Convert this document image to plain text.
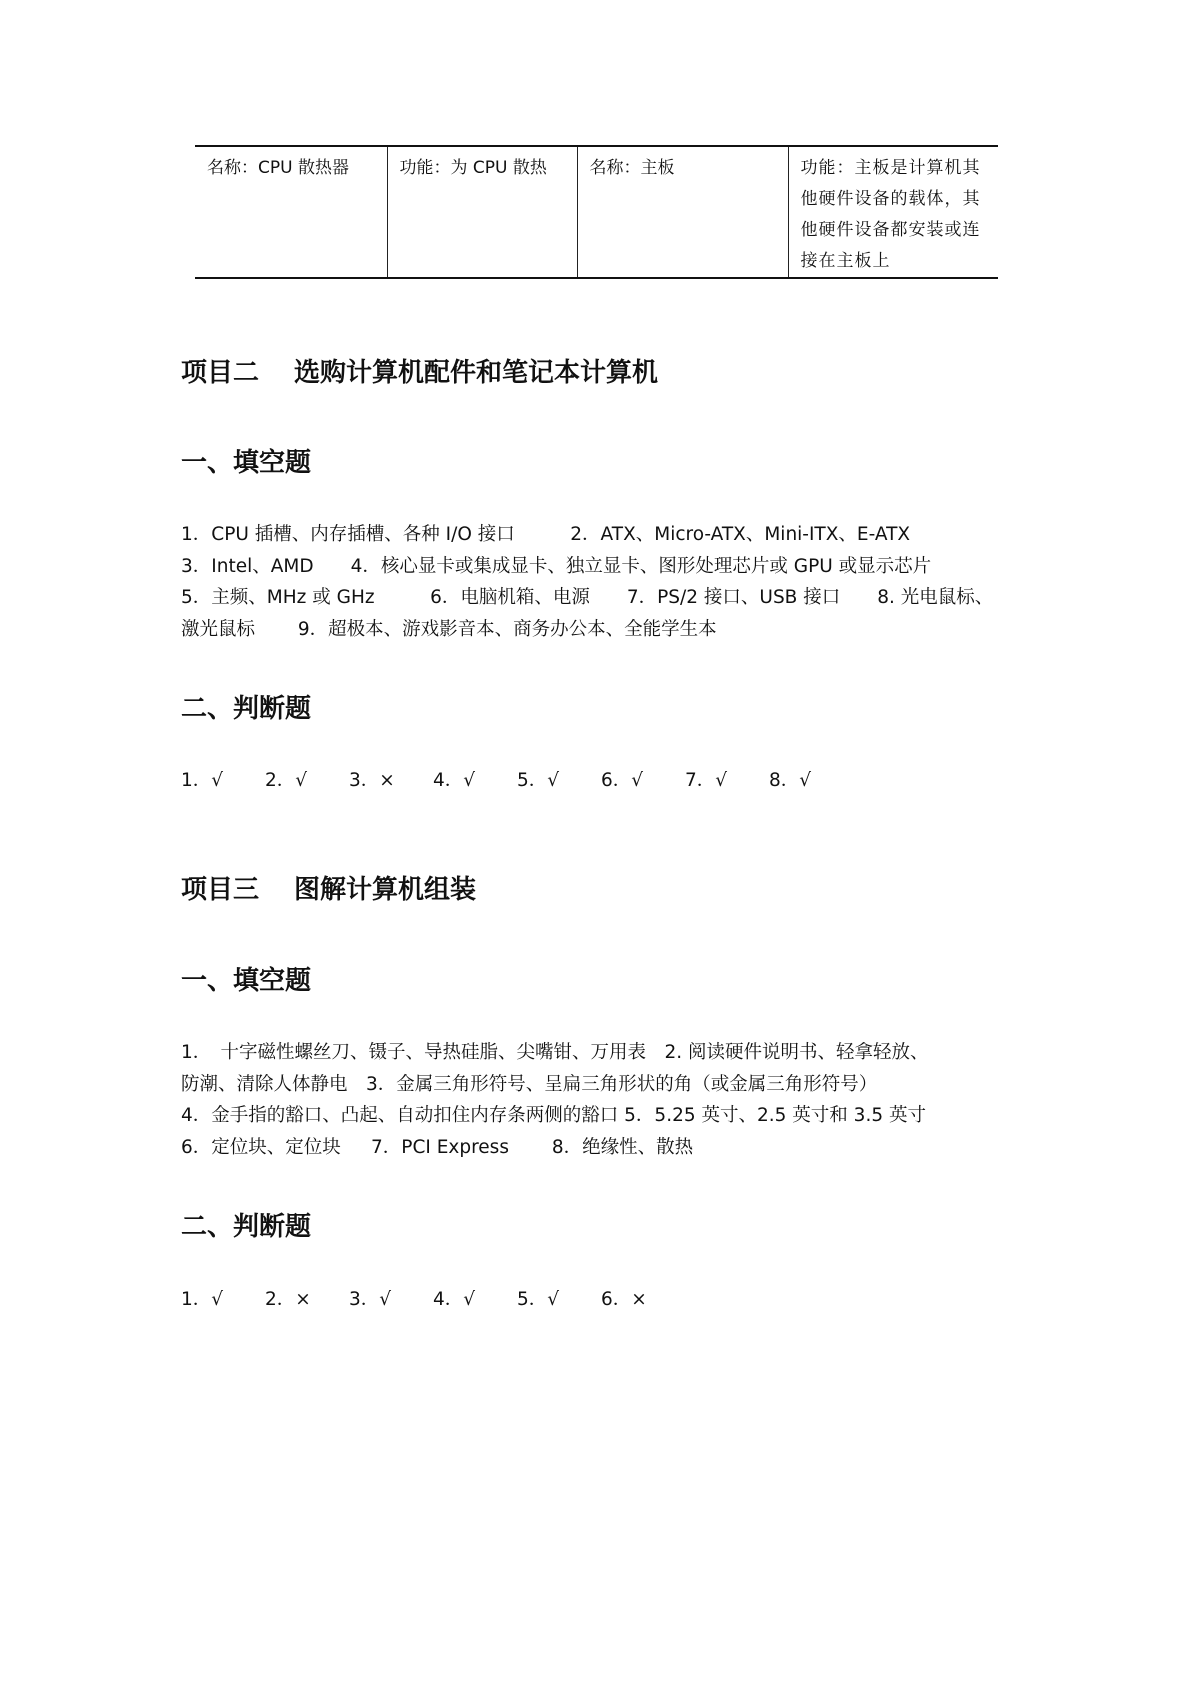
名称：CPU 散热器	功能：为 CPU 散热	名称：主板	功能：主板是计算机其
他硬件设备的载体，其
他硬件设备都安装或连
接在主板上
项目二　 选购计算机配件和笔记本计算机
一、填空题
1．CPU 插槽、内存插槽、各种 I/O 接口　　　2．ATX、Micro-ATX、Mini-ITX、E-ATX
3．Intel、AMD　　4．核心显卡或集成显卡、独立显卡、图形处理芯片或 GPU 或显示芯片
5．主频、MHz 或 GHz　　　6．电脑机箱、电源　　7．PS/2 接口、USB 接口　　8. 光电鼠标、
激光鼠标　　 9．超极本、游戏影音本、商务办公本、全能学生本
二、判断题
1．√	2．√	3．×	4．√	5．√	6．√	7．√	8．√
项目三　 图解计算机组装
一、填空题
1．　十字磁性螺丝刀、镊子、导热硅脂、尖嘴钳、万用表　2. 阅读硬件说明书、轻拿轻放、
防潮、清除人体静电　3．金属三角形符号、呈扁三角形状的角（或金属三角形符号）
4．金手指的豁口、凸起、自动扣住内存条两侧的豁口 5．5.25 英寸、2.5 英寸和 3.5 英寸
6．定位块、定位块　  7．PCI Express　　 8．绝缘性、散热
二、判断题
1．√	2．×	3．√	4．√	5．√	6．×
